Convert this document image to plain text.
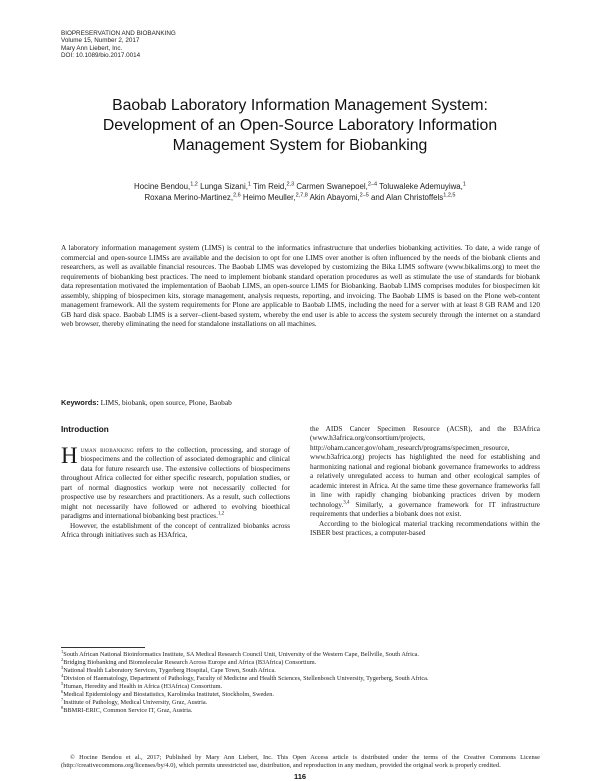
BIOPRESERVATION AND BIOBANKING
Volume 15, Number 2, 2017
Mary Ann Liebert, Inc.
DOI: 10.1089/bio.2017.0014
Baobab Laboratory Information Management System:
Development of an Open-Source Laboratory Information
Management System for Biobanking
Hocine Bendou,$^{1,2}$ Lunga Sizani,$^1$ Tim Reid,$^{2,3}$ Carmen Swanepoel,$^{2-4}$ Toluwaleke Ademuyiwa,$^1$
Roxana Merino-Martinez,$^{2,6}$ Heimo Meuller,$^{2,7,8}$ Akin Abayomi,$^{2-5}$ and Alan Christoffels$^{1,2,5}$
A laboratory information management system (LIMS) is central to the informatics infrastructure that underlies biobanking activities. To date, a wide range of commercial and open-source LIMSs are available and the decision to opt for one LIMS over another is often influenced by the needs of the biobank clients and researchers, as well as available financial resources. The Baobab LIMS was developed by customizing the Bika LIMS software (www.bikalims.org) to meet the requirements of biobanking best practices. The need to implement biobank standard operation procedures as well as stimulate the use of standards for biobank data representation motivated the implementation of Baobab LIMS, an open-source LIMS for Biobanking. Baobab LIMS comprises modules for biospecimen kit assembly, shipping of biospecimen kits, storage management, analysis requests, reporting, and invoicing. The Baobab LIMS is based on the Plone web-content management framework. All the system requirements for Plone are applicable to Baobab LIMS, including the need for a server with at least 8 GB RAM and 120 GB hard disk space. Baobab LIMS is a server–client-based system, whereby the end user is able to access the system securely through the internet on a standard web browser, thereby eliminating the need for standalone installations on all machines.
Keywords: LIMS, biobank, open source, Plone, Baobab
Introduction
Human biobanking refers to the collection, processing, and storage of biospecimens and the collection of associated demographic and clinical data for future research use. The extensive collections of biospecimens throughout Africa collected for either specific research, population studies, or part of normal diagnostics workup were not necessarily collected for prospective use by researchers and practitioners. As a result, such collections might not necessarily have followed or adhered to evolving bioethical paradigms and international biobanking best practices.$^{1,2}$
However, the establishment of the concept of centralized biobanks across Africa through initiatives such as H3Africa,
the AIDS Cancer Specimen Resource (ACSR), and the B3Africa (www.h3africa.org/consortium/projects, http://oham.cancer.gov/oham_research/programs/specimen_resource, www.b3africa.org) projects has highlighted the need for establishing and harmonizing national and regional biobank governance frameworks to address a relatively unregulated access to human and other ecological samples of academic interest in Africa. At the same time these governance frameworks fall in line with rapidly changing biobanking practices driven by modern technology.$^{3,4}$ Similarly, a governance framework for IT infrastructure requirements that underlies a biobank does not exist.
According to the biological material tracking recommendations within the ISBER best practices, a computer-based
$^1$South African National Bioinformatics Institute, SA Medical Research Council Unit, University of the Western Cape, Bellville, South Africa.
$^2$Bridging Biobanking and Biomolecular Research Across Europe and Africa (B3Africa) Consortium.
$^3$National Health Laboratory Services, Tygerberg Hospital, Cape Town, South Africa.
$^4$Division of Haematology, Department of Pathology, Faculty of Medicine and Health Sciences, Stellenbosch University, Tygerberg, South Africa.
$^5$Human, Heredity and Health in Africa (H3Africa) Consortium.
$^6$Medical Epidemiology and Biostatistics, Karolinska Institutet, Stockholm, Sweden.
$^7$Institute of Pathology, Medical University, Graz, Austria.
$^8$BBMRI-ERIC, Common Service IT, Graz, Austria.
© Hocine Bendou et al., 2017; Published by Mary Ann Liebert, Inc. This Open Access article is distributed under the terms of the Creative Commons License (http://creativecommons.org/licenses/by/4.0), which permits unrestricted use, distribution, and reproduction in any medium, provided the original work is properly credited.
116
